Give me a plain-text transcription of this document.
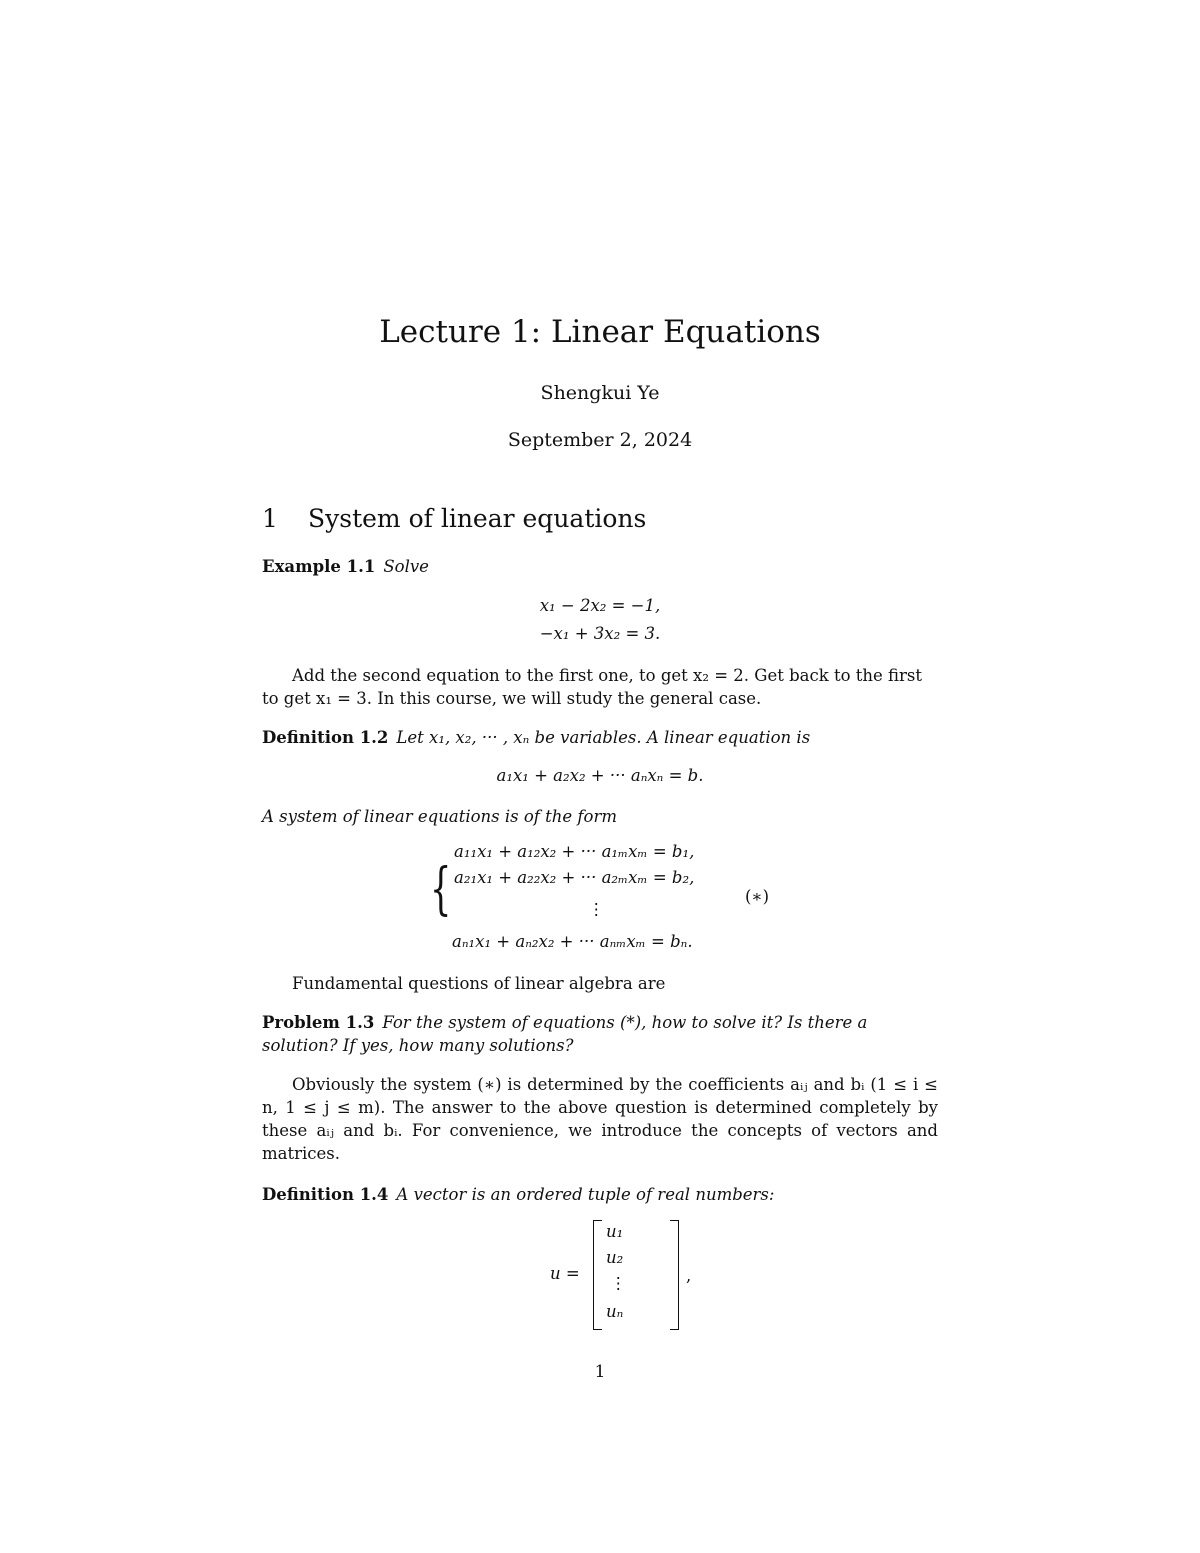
Lecture 1: Linear Equations
Shengkui Ye
September 2, 2024
1 System of linear equations
Example 1.1 Solve
x₁ − 2x₂ = −1,
−x₁ + 3x₂ = 3.
Add the second equation to the first one, to get x₂ = 2. Get back to the first to get x₁ = 3. In this course, we will study the general case.
Definition 1.2 Let x₁, x₂, ··· , xₙ be variables. A linear equation is
a₁x₁ + a₂x₂ + ··· aₙxₙ = b.
A system of linear equations is of the form
{
a₁₁x₁ + a₁₂x₂ + ··· a₁ₘxₘ = b₁,
a₂₁x₁ + a₂₂x₂ + ··· a₂ₘxₘ = b₂,
⋮
aₙ₁x₁ + aₙ₂x₂ + ··· aₙₘxₘ = bₙ.
(∗)
Fundamental questions of linear algebra are
Problem 1.3 For the system of equations (*), how to solve it? Is there a solution? If yes, how many solutions?
Obviously the system (∗) is determined by the coefficients aᵢⱼ and bᵢ (1 ≤ i ≤ n, 1 ≤ j ≤ m). The answer to the above question is determined completely by these aᵢⱼ and bᵢ. For convenience, we introduce the concepts of vectors and matrices.
Definition 1.4 A vector is an ordered tuple of real numbers:
u =
u₁
u₂
⋮
uₙ
,
1
